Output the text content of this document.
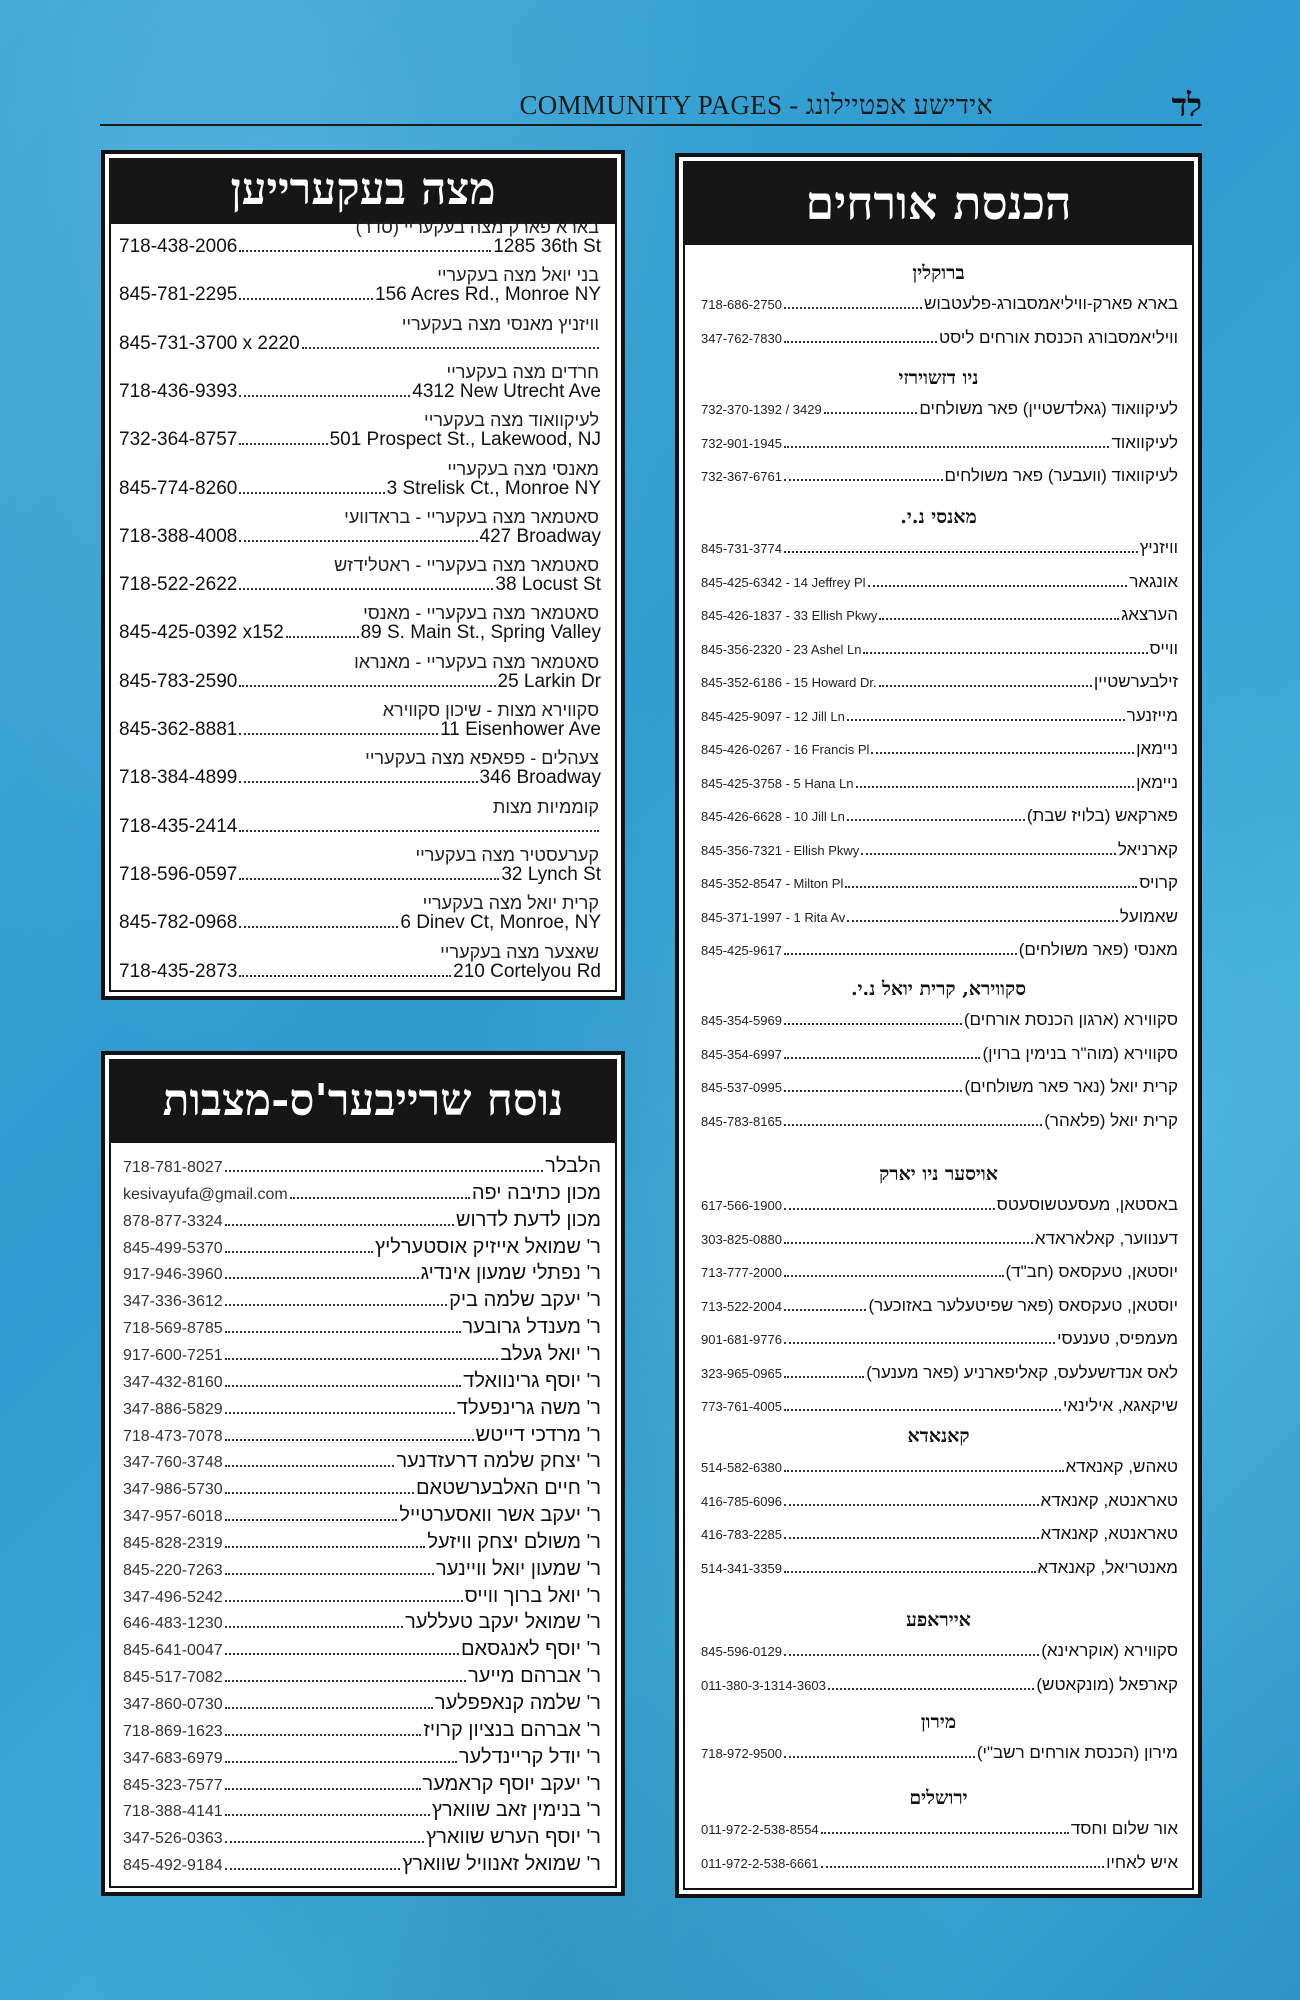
COMMUNITY PAGES - אידישע אפטיילונג	לד
מצה בעקערייען
בארא פארק מצה בעקעריי (סדר)
718-438-2006	1285 36th St
בני יואל מצה בעקעריי
845-781-2295	156 Acres Rd., Monroe NY
וויזניץ מאנסי מצה בעקעריי
845-731-3700 x 2220
חרדים מצה בעקעריי
718-436-9393	4312 New Utrecht Ave
לעיקוואוד מצה בעקעריי
732-364-8757	501 Prospect St., Lakewood, NJ
מאנסי מצה בעקעריי
845-774-8260	3 Strelisk Ct., Monroe NY
סאטמאר מצה בעקעריי - בראדוועי
718-388-4008	427 Broadway
סאטמאר מצה בעקעריי - ראטלידזש
718-522-2622	38 Locust St
סאטמאר מצה בעקעריי - מאנסי
845-425-0392 x152	89 S. Main St., Spring Valley
סאטמאר מצה בעקעריי - מאנראו
845-783-2590	25 Larkin Dr
סקווירא מצות - שיכון סקווירא
845-362-8881	11 Eisenhower Ave
צעהלים - פפאפא מצה בעקעריי
718-384-4899	346 Broadway
קוממיות מצות
718-435-2414
קערעסטיר מצה בעקעריי
718-596-0597	32 Lynch St
קרית יואל מצה בעקעריי
845-782-0968	6 Dinev Ct, Monroe, NY
שאצער מצה בעקעריי
718-435-2873	210 Cortelyou Rd
הכנסת אורחים
ברוקלין
718-686-2750	בארא פארק-וויליאמסבורג-פלעטבוש
347-762-7830	וויליאמסבורג הכנסת אורחים ליסט
ניו דזשוירזי
732-370-1392 / 3429	לעיקוואוד (גאלדשטיין) פאר משולחים
732-901-1945	לעיקוואוד
732-367-6761	לעיקוואוד (וועבער) פאר משולחים
מאנסי נ.י.
845-731-3774	וויזניץ
845-425-6342 - 14 Jeffrey Pl	אונגאר
845-426-1837 - 33 Ellish Pkwy	הערצאג
845-356-2320 - 23 Ashel Ln	ווייס
845-352-6186 - 15 Howard Dr.	זילבערשטיין
845-425-9097 - 12 Jill Ln	מייזנער
845-426-0267 - 16 Francis Pl	ניימאן
845-425-3758 - 5 Hana Ln	ניימאן
845-426-6628 - 10 Jill Ln	פארקאש (בלויז שבת)
845-356-7321 - Ellish Pkwy	קארניאל
845-352-8547 - Milton Pl	קרויס
845-371-1997 - 1 Rita Av	שאמועל
845-425-9617	מאנסי (פאר משולחים)
סקווירא, קרית יואל נ.י.
845-354-5969	סקווירא (ארגון הכנסת אורחים)
845-354-6997	סקווירא (מוה"ר בנימין ברוין)
845-537-0995	קרית יואל (נאר פאר משולחים)
845-783-8165	קרית יואל (פלאהר)
אויסער ניו יארק
617-566-1900	באסטאן, מעסעטשוסעטס
303-825-0880	דענווער, קאלאראדא
713-777-2000	יוסטאן, טעקסאס (חב"ד)
713-522-2004	יוסטאן, טעקסאס (פאר שפיטעלער באזוכער)
901-681-9776	מעמפיס, טענעסי
323-965-0965	לאס אנדזשעלעס, קאליפארניע (פאר מענער)
773-761-4005	שיקאגא, אילינאי
קאנאדא
514-582-6380	טאהש, קאנאדא
416-785-6096	טאראנטא, קאנאדא
416-783-2285	טאראנטא, קאנאדא
514-341-3359	מאנטריאל, קאנאדא
אייראפע
845-596-0129	סקווירא (אוקראינא)
011-380-3-1314-3603	קארפאל (מונקאטש)
מירון
718-972-9500	מירון (הכנסת אורחים רשב"י)
ירושלים
011-972-2-538-8554	אור שלום וחסד
011-972-2-538-6661	איש לאחיו
נוסח שרייבער'ס-מצבות
718-781-8027	הלבלר
kesivayufa@gmail.com	מכון כתיבה יפה
878-877-3324	מכון לדעת לדרוש
845-499-5370	ר' שמואל אייזיק אוסטערליץ
917-946-3960	ר' נפתלי שמעון אינדיג
347-336-3612	ר' יעקב שלמה ביק
718-569-8785	ר' מענדל גרובער
917-600-7251	ר' יואל געלב
347-432-8160	ר' יוסף גרינוואלד
347-886-5829	ר' משה גרינפעלד
718-473-7078	ר' מרדכי דייטש
347-760-3748	ר' יצחק שלמה דרעזדנער
347-986-5730	ר' חיים האלבערשטאם
347-957-6018	ר' יעקב אשר וואסערטייל
845-828-2319	ר' משולם יצחק וויזעל
845-220-7263	ר' שמעון יואל וויינער
347-496-5242	ר' יואל ברוך ווייס
646-483-1230	ר' שמואל יעקב טעללער
845-641-0047	ר' יוסף לאנגסאם
845-517-7082	ר' אברהם מייער
347-860-0730	ר' שלמה קנאפפלער
718-869-1623	ר' אברהם בנציון קרויז
347-683-6979	ר' יודל קריינדלער
845-323-7577	ר' יעקב יוסף קראמער
718-388-4141	ר' בנימין זאב שווארץ
347-526-0363	ר' יוסף הערש שווארץ
845-492-9184	ר' שמואל זאנוויל שווארץ
